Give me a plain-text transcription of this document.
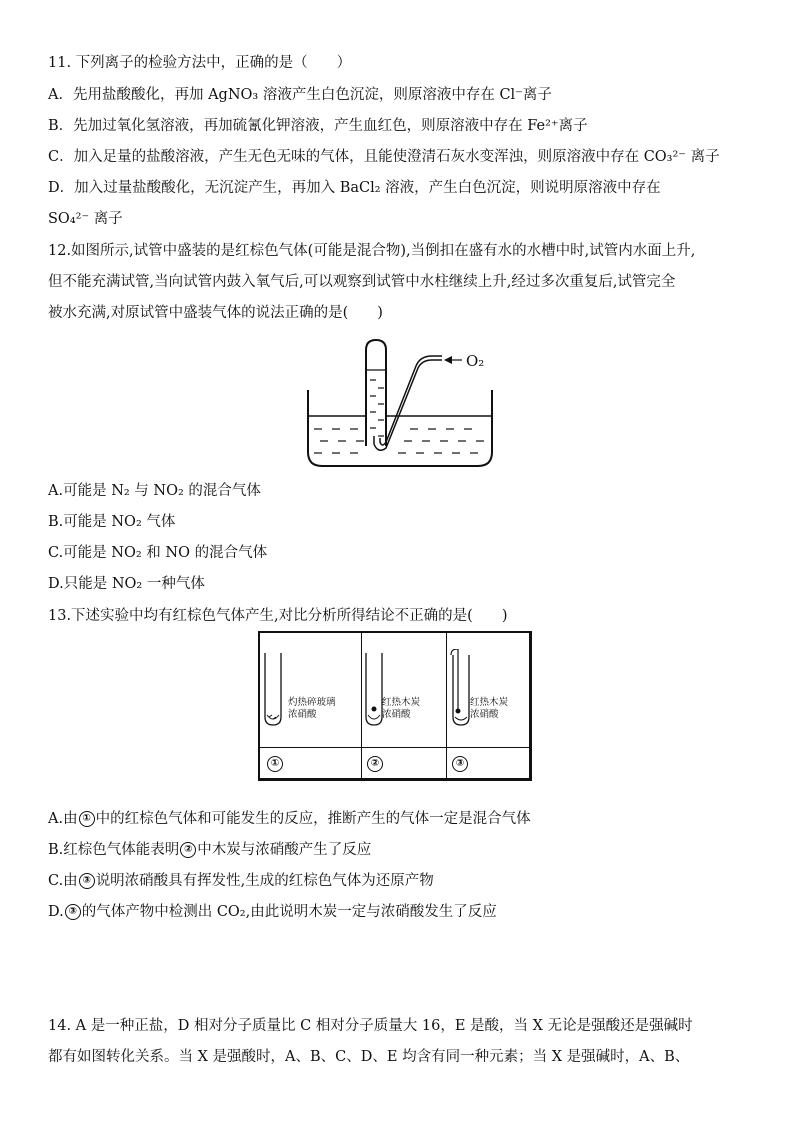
11. 下列离子的检验方法中，正确的是（　　）
A．先用盐酸酸化，再加 AgNO₃ 溶液产生白色沉淀，则原溶液中存在 Cl⁻离子
B．先加过氧化氢溶液，再加硫氰化钾溶液，产生血红色，则原溶液中存在 Fe²⁺离子
C．加入足量的盐酸溶液，产生无色无味的气体，且能使澄清石灰水变浑浊，则原溶液中存在 CO₃²⁻ 离子
D．加入过量盐酸酸化，无沉淀产生，再加入 BaCl₂ 溶液，产生白色沉淀，则说明原溶液中存在
SO₄²⁻ 离子
12.如图所示,试管中盛装的是红棕色气体(可能是混合物),当倒扣在盛有水的水槽中时,试管内水面上升,
但不能充满试管,当向试管内鼓入氧气后,可以观察到试管中水柱继续上升,经过多次重复后,试管完全
被水充满,对原试管中盛装气体的说法正确的是(　　)
O₂
A.可能是 N₂ 与 NO₂ 的混合气体
B.可能是 NO₂ 气体
C.可能是 NO₂ 和 NO 的混合气体
D.只能是 NO₂ 一种气体
13.下述实验中均有红棕色气体产生,对比分析所得结论不正确的是(　　)
灼热碎玻璃
浓硝酸
红热木炭
浓硝酸
红热木炭
浓硝酸
①	②	③
A.由 ① 中的红棕色气体和可能发生的反应，推断产生的气体一定是混合气体
B.红棕色气体能表明 ② 中木炭与浓硝酸产生了反应
C.由 ③ 说明浓硝酸具有挥发性,生成的红棕色气体为还原产物
D. ③ 的气体产物中检测出 CO₂,由此说明木炭一定与浓硝酸发生了反应
14. A 是一种正盐，D 相对分子质量比 C 相对分子质量大 16，E 是酸，当 X 无论是强酸还是强碱时
都有如图转化关系。当 X 是强酸时，A、B、C、D、E 均含有同一种元素；当 X 是强碱时，A、B、
